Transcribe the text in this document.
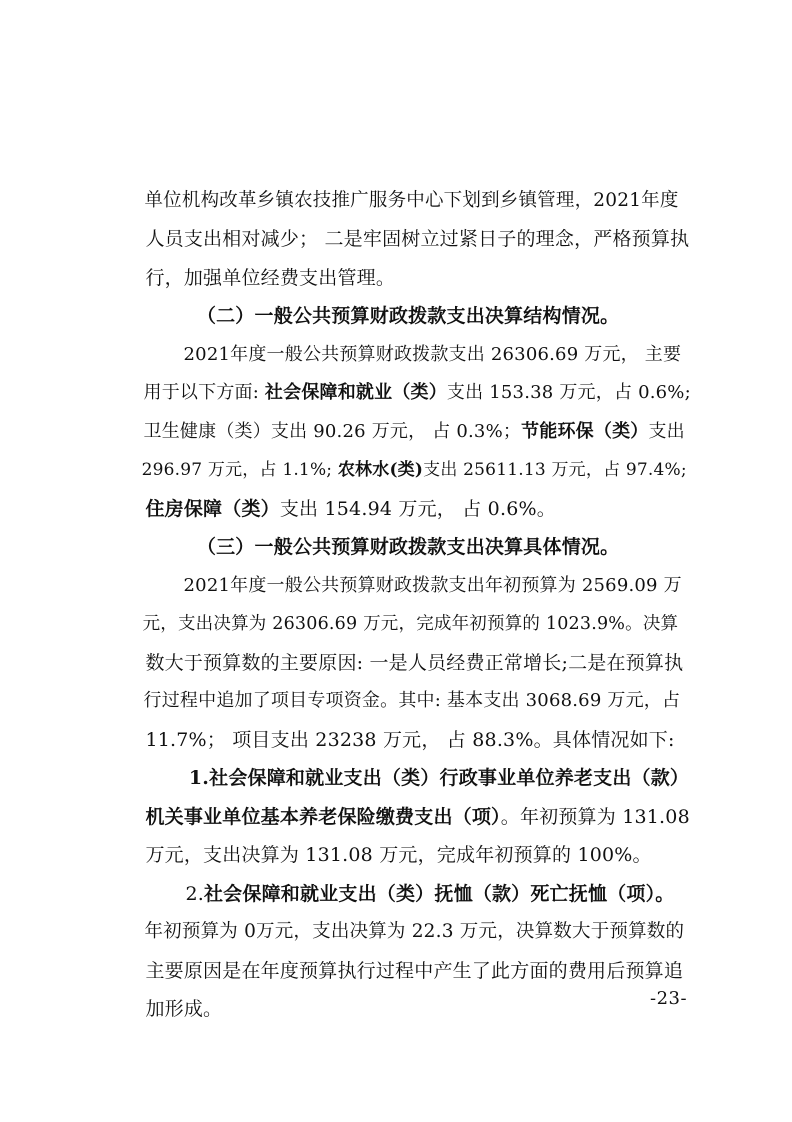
单位机构改革乡镇农技推广服务中心下划到乡镇管理，2021年度

人员支出相对减少； 二是牢固树立过紧日子的理念，严格预算执

行，加强单位经费支出管理。

（二）一般公共预算财政拨款支出决算结构情况。

2021年度一般公共预算财政拨款支出 26306.69 万元， 主要

用于以下方面: 社会保障和就业（类）支出 153.38 万元，占 0.6%;

卫生健康（类）支出 90.26 万元， 占 0.3%；节能环保（类）支出

296.97 万元，占 1.1%; 农林水(类)支出 25611.13 万元，占 97.4%;

住房保障（类）支出 154.94 万元， 占 0.6%。

（三）一般公共预算财政拨款支出决算具体情况。

2021年度一般公共预算财政拨款支出年初预算为 2569.09 万

元，支出决算为 26306.69 万元，完成年初预算的 1023.9%。决算

数大于预算数的主要原因: 一是人员经费正常增长;二是在预算执

行过程中追加了项目专项资金。其中: 基本支出 3068.69 万元，占

11.7%； 项目支出 23238 万元， 占 88.3%。具体情况如下:

1.社会保障和就业支出（类）行政事业单位养老支出（款）

机关事业单位基本养老保险缴费支出（项）。年初预算为 131.08

万元，支出决算为 131.08 万元，完成年初预算的 100%。

2.社会保障和就业支出（类）抚恤（款）死亡抚恤（项）。

年初预算为 0万元，支出决算为 22.3 万元，决算数大于预算数的

主要原因是在年度预算执行过程中产生了此方面的费用后预算追

加形成。
	-23-
